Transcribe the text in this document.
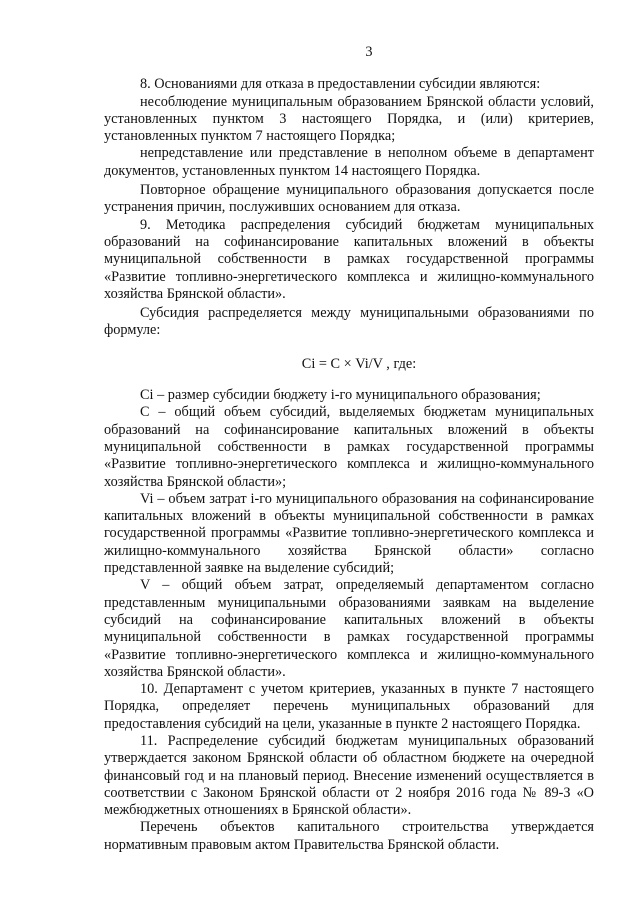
3

8. Основаниями для отказа в предоставлении субсидии являются:

несоблюдение муниципальным образованием Брянской области условий, установленных пунктом 3 настоящего Порядка, и (или) критериев, установленных пунктом 7 настоящего Порядка;

непредставление или представление в неполном объеме в департамент документов, установленных пунктом 14 настоящего Порядка.

Повторное обращение муниципального образования допускается после устранения причин, послуживших основанием для отказа.

9. Методика распределения субсидий бюджетам муниципальных образований на софинансирование капитальных вложений в объекты муниципальной собственности в рамках государственной программы «Развитие топливно-энергетического комплекса и жилищно-коммунального хозяйства Брянской области».

Субсидия распределяется между муниципальными образованиями по формуле:

Сi = С × Vi/V , где:

Сi – размер субсидии бюджету i-го муниципального образования;

С – общий объем субсидий, выделяемых бюджетам муниципальных образований на софинансирование капитальных вложений в объекты муниципальной собственности в рамках государственной программы «Развитие топливно-энергетического комплекса и жилищно-коммунального хозяйства Брянской области»;

Vi – объем затрат i-го муниципального образования на софинансирование капитальных вложений в объекты муниципальной собственности в рамках государственной программы «Развитие топливно-энергетического комплекса и жилищно-коммунального хозяйства Брянской области» согласно представленной заявке на выделение субсидий;

V – общий объем затрат, определяемый департаментом согласно представленным муниципальными образованиями заявкам на выделение субсидий на софинансирование капитальных вложений в объекты муниципальной собственности в рамках государственной программы «Развитие топливно-энергетического комплекса и жилищно-коммунального хозяйства Брянской области».

10. Департамент с учетом критериев, указанных в пункте 7 настоящего Порядка, определяет перечень муниципальных образований для предоставления субсидий на цели, указанные в пункте 2 настоящего Порядка.

11. Распределение субсидий бюджетам муниципальных образований утверждается законом Брянской области об областном бюджете на очередной финансовый год и на плановый период. Внесение изменений осуществляется в соответствии с Законом Брянской области от 2 ноября 2016 года № 89-З «О межбюджетных отношениях в Брянской области».

Перечень объектов капитального строительства утверждается нормативным правовым актом Правительства Брянской области.
